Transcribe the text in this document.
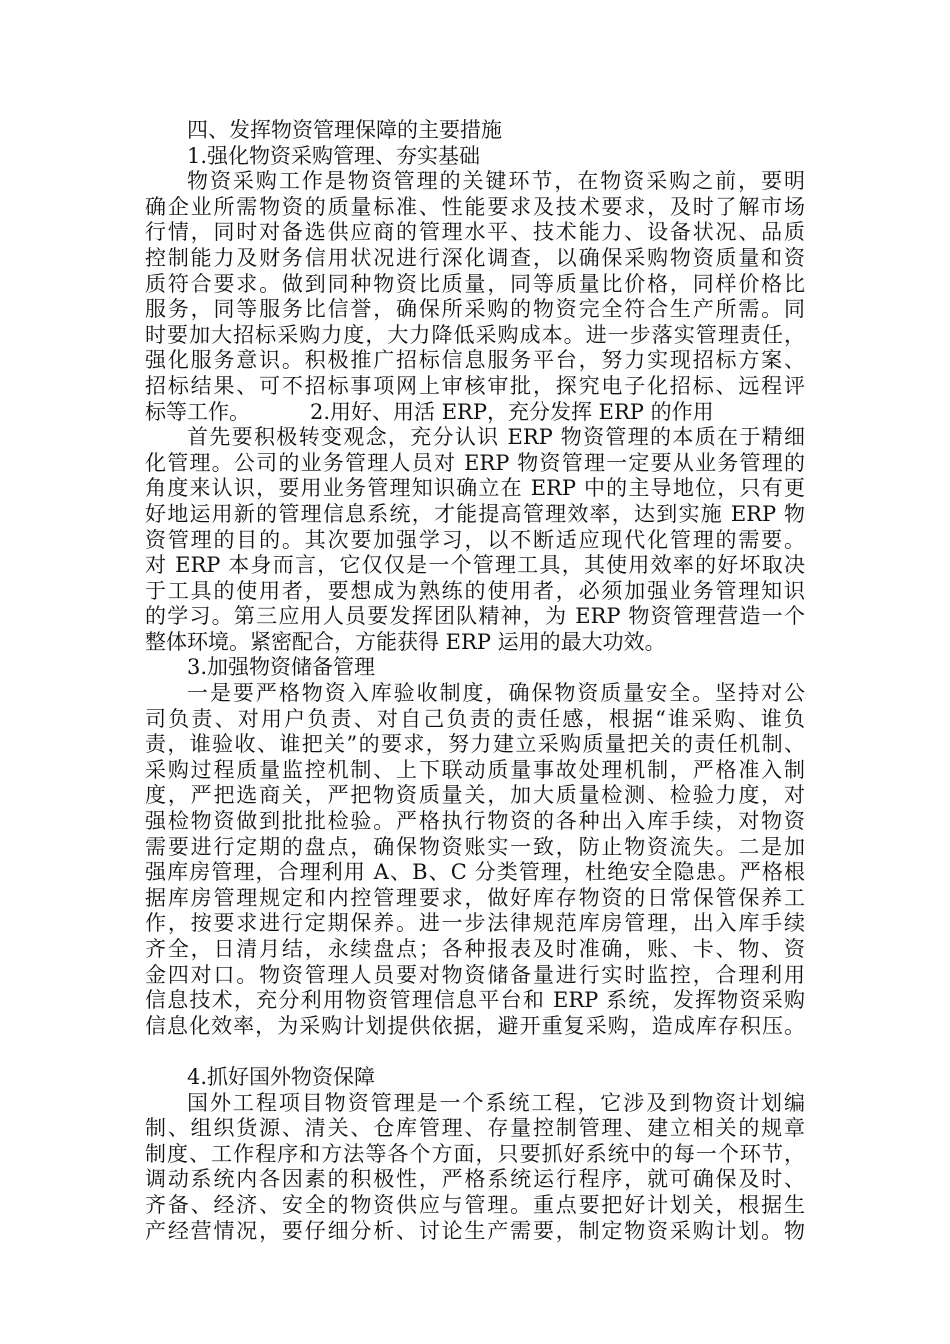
四、发挥物资管理保障的主要措施
1.强化物资采购管理、夯实基础
物资采购工作是物资管理的关键环节，在物资采购之前，要明
确企业所需物资的质量标准、性能要求及技术要求，及时了解市场
行情，同时对备选供应商的管理水平、技术能力、设备状况、品质
控制能力及财务信用状况进行深化调查，以确保采购物资质量和资
质符合要求。做到同种物资比质量，同等质量比价格，同样价格比
服务，同等服务比信誉，确保所采购的物资完全符合生产所需。同
时要加大招标采购力度，大力降低采购成本。进一步落实管理责任，
强化服务意识。积极推广招标信息服务平台，努力实现招标方案、
招标结果、可不招标事项网上审核审批，探究电子化招标、远程评
标等工作。	2.用好、用活 ERP，充分发挥 ERP 的作用
首先要积极转变观念，充分认识 ERP 物资管理的本质在于精细
化管理。公司的业务管理人员对 ERP 物资管理一定要从业务管理的
角度来认识，要用业务管理知识确立在 ERP 中的主导地位，只有更
好地运用新的管理信息系统，才能提高管理效率，达到实施 ERP 物
资管理的目的。其次要加强学习，以不断适应现代化管理的需要。
对 ERP 本身而言，它仅仅是一个管理工具，其使用效率的好坏取决
于工具的使用者，要想成为熟练的使用者，必须加强业务管理知识
的学习。第三应用人员要发挥团队精神，为 ERP 物资管理营造一个
整体环境。紧密配合，方能获得 ERP 运用的最大功效。
3.加强物资储备管理
一是要严格物资入库验收制度，确保物资质量安全。坚持对公
司负责、对用户负责、对自己负责的责任感，根据“谁采购、谁负
责，谁验收、谁把关”的要求，努力建立采购质量把关的责任机制、
采购过程质量监控机制、上下联动质量事故处理机制，严格准入制
度，严把选商关，严把物资质量关，加大质量检测、检验力度，对
强检物资做到批批检验。严格执行物资的各种出入库手续，对物资
需要进行定期的盘点，确保物资账实一致，防止物资流失。二是加
强库房管理，合理利用 A、B、C 分类管理，杜绝安全隐患。严格根
据库房管理规定和内控管理要求，做好库存物资的日常保管保养工
作，按要求进行定期保养。进一步法律规范库房管理，出入库手续
齐全，日清月结，永续盘点；各种报表及时准确，账、卡、物、资
金四对口。物资管理人员要对物资储备量进行实时监控，合理利用
信息技术，充分利用物资管理信息平台和 ERP 系统，发挥物资采购
信息化效率，为采购计划提供依据，避开重复采购，造成库存积压。
4.抓好国外物资保障
国外工程项目物资管理是一个系统工程，它涉及到物资计划编
制、组织货源、清关、仓库管理、存量控制管理、建立相关的规章
制度、工作程序和方法等各个方面，只要抓好系统中的每一个环节，
调动系统内各因素的积极性，严格系统运行程序，就可确保及时、
齐备、经济、安全的物资供应与管理。重点要把好计划关，根据生
产经营情况，要仔细分析、讨论生产需要，制定物资采购计划。物
